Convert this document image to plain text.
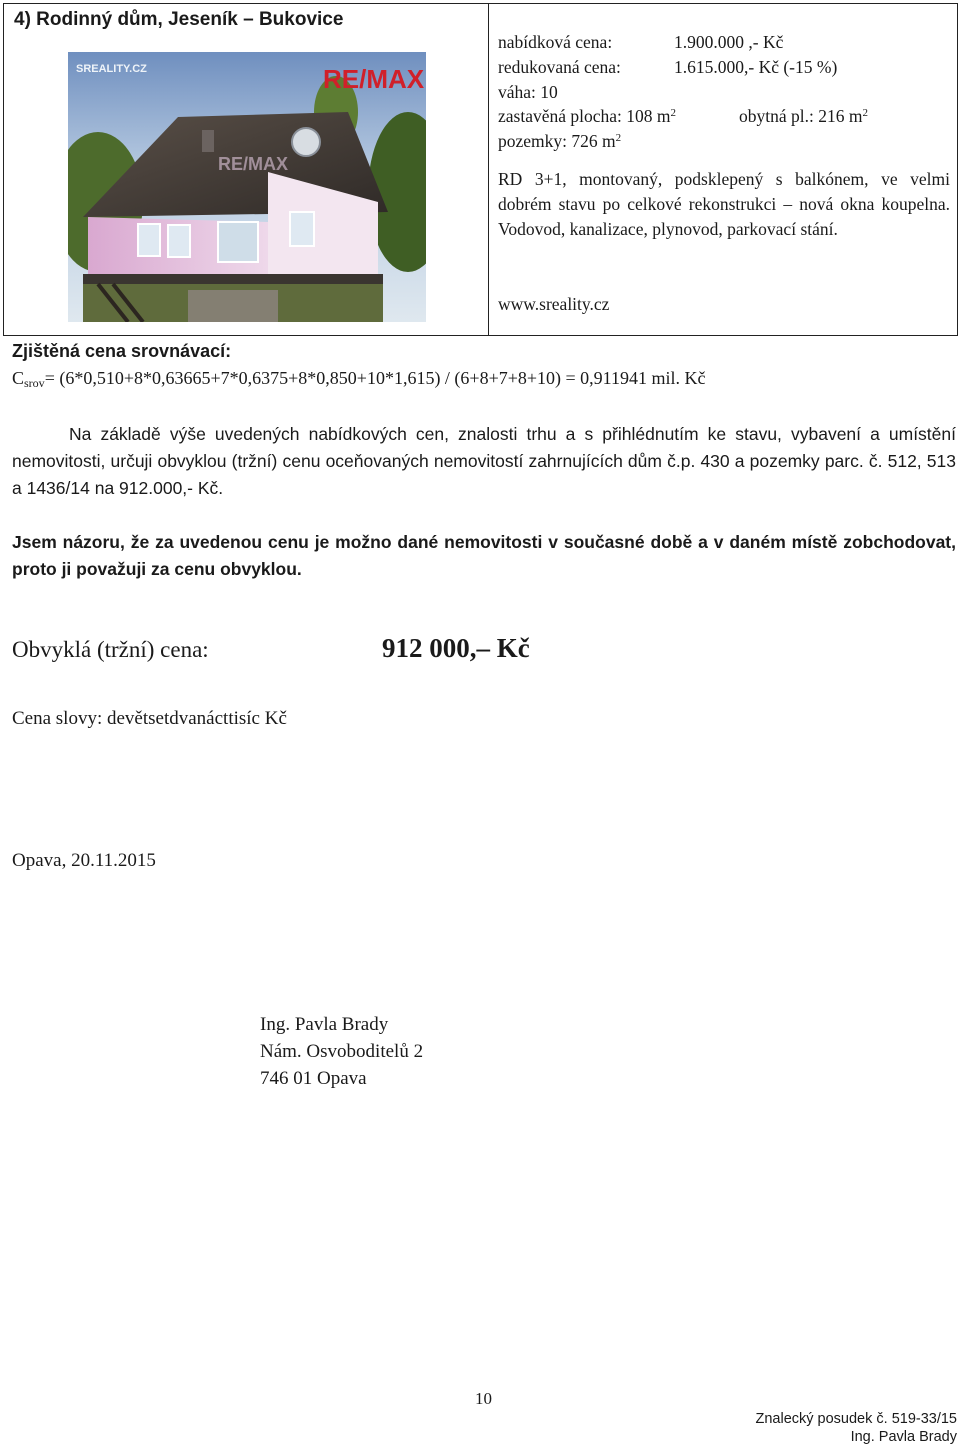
4) Rodinný dům, Jeseník – Bukovice
RE/MAX
SREALITY.CZ	RE/MAX
nabídková cena:	1.900.000 ,- Kč
redukovaná cena:	1.615.000,- Kč (-15 %)
váha: 10
zastavěná plocha: 108 $m^2$	obytná pl.: 216 $m^2$
pozemky: 726 $m^2$
RD 3+1, montovaný, podsklepený s balkónem, ve velmi dobrém stavu po celkové rekonstrukci – nová okna koupelna. Vodovod, kanalizace, plynovod, parkovací stání.
www.sreality.cz
Zjištěná cena srovnávací:
$C_{srov}= (6*0,510+8*0,63665+7*0,6375+8*0,850+10*1,615) / (6+8+7+8+10) = 0,911941$ mil. Kč
Na základě výše uvedených nabídkových cen, znalosti trhu a s přihlédnutím ke stavu, vybavení a umístění nemovitosti, určuji obvyklou (tržní) cenu oceňovaných nemovitostí zahrnujících dům č.p. 430 a pozemky parc. č. 512, 513 a 1436/14 na 912.000,- Kč.
Jsem názoru, že za uvedenou cenu je možno dané nemovitosti v současné době a v daném místě zobchodovat, proto ji považuji za cenu obvyklou.
Obvyklá (tržní) cena:	912 000,– Kč
Cena slovy: devětsetdvanácttisíc Kč
Opava, 20.11.2015
Ing. Pavla Brady
Nám. Osvoboditelů 2
746 01 Opava
10
Znalecký posudek č. 519-33/15
Ing. Pavla Brady
